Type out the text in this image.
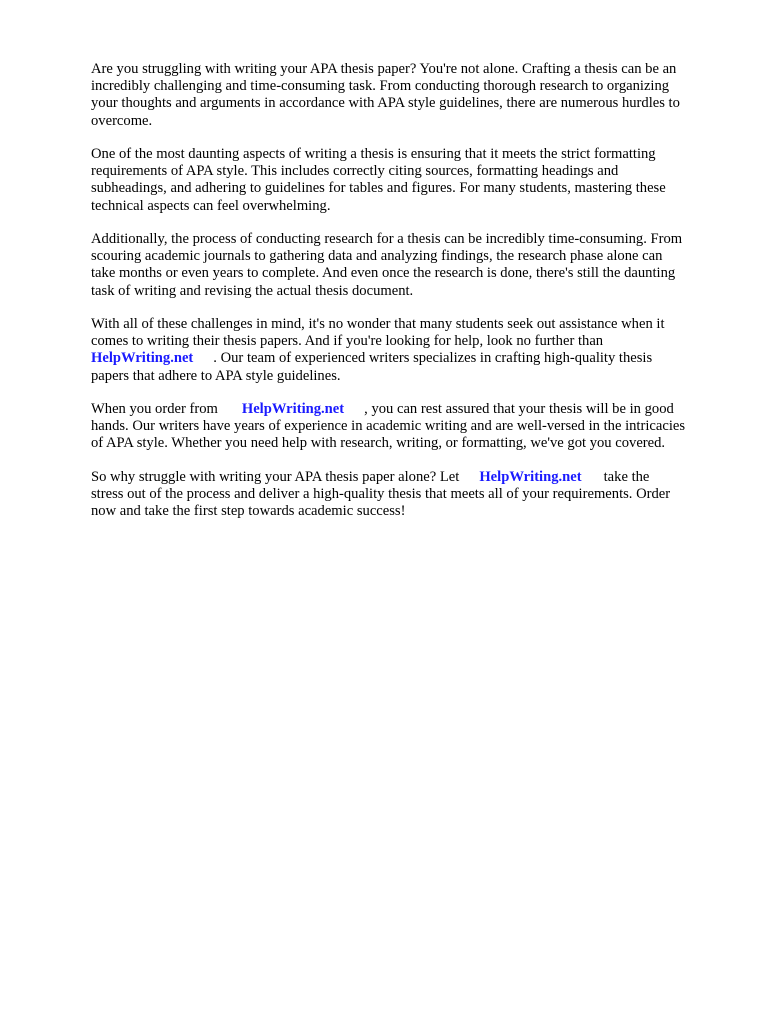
Are you struggling with writing your APA thesis paper? You're not alone. Crafting a thesis can be an
incredibly challenging and time-consuming task. From conducting thorough research to organizing
your thoughts and arguments in accordance with APA style guidelines, there are numerous hurdles to
overcome.

One of the most daunting aspects of writing a thesis is ensuring that it meets the strict formatting
requirements of APA style. This includes correctly citing sources, formatting headings and
subheadings, and adhering to guidelines for tables and figures. For many students, mastering these
technical aspects can feel overwhelming.

Additionally, the process of conducting research for a thesis can be incredibly time-consuming. From
scouring academic journals to gathering data and analyzing findings, the research phase alone can
take months or even years to complete. And even once the research is done, there's still the daunting
task of writing and revising the actual thesis document.

With all of these challenges in mind, it's no wonder that many students seek out assistance when it
comes to writing their thesis papers. And if you're looking for help, look no further than
HelpWriting.net . Our team of experienced writers specializes in crafting high-quality thesis
papers that adhere to APA style guidelines.

When you order from HelpWriting.net , you can rest assured that your thesis will be in good
hands. Our writers have years of experience in academic writing and are well-versed in the intricacies
of APA style. Whether you need help with research, writing, or formatting, we've got you covered.

So why struggle with writing your APA thesis paper alone? Let HelpWriting.net take the
stress out of the process and deliver a high-quality thesis that meets all of your requirements. Order
now and take the first step towards academic success!
